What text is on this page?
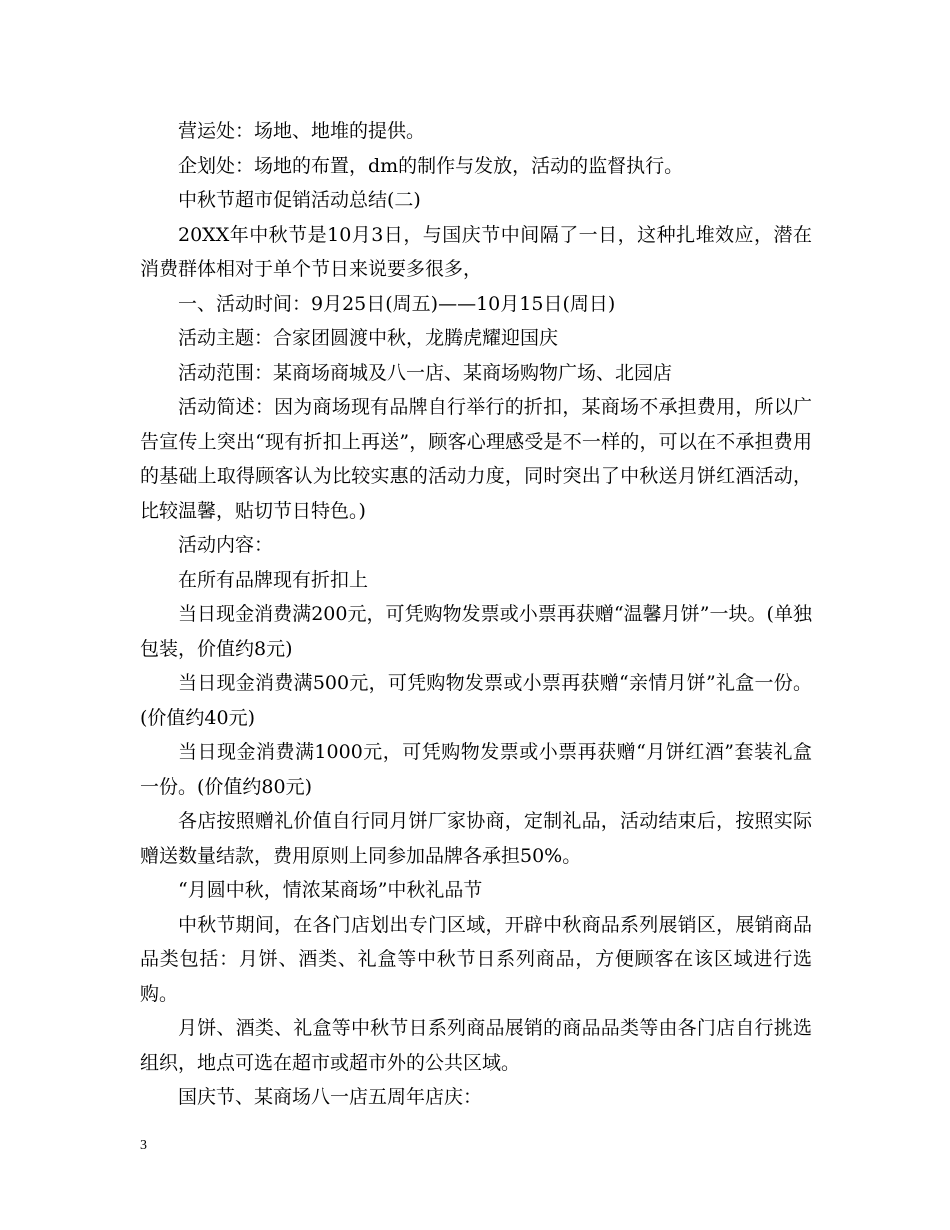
营运处：场地、地堆的提供。

企划处：场地的布置，dm的制作与发放，活动的监督执行。

中秋节超市促销活动总结(二)

20XX年中秋节是10月3日，与国庆节中间隔了一日，这种扎堆效应，潜在消费群体相对于单个节日来说要多很多，

一、活动时间：9月25日(周五)——10月15日(周日)

活动主题：合家团圆渡中秋，龙腾虎耀迎国庆

活动范围：某商场商城及八一店、某商场购物广场、北园店

活动简述：因为商场现有品牌自行举行的折扣，某商场不承担费用，所以广告宣传上突出“现有折扣上再送”，顾客心理感受是不一样的，可以在不承担费用的基础上取得顾客认为比较实惠的活动力度，同时突出了中秋送月饼红酒活动，比较温馨，贴切节日特色。)

活动内容：

在所有品牌现有折扣上

当日现金消费满200元，可凭购物发票或小票再获赠“温馨月饼”一块。(单独包装，价值约8元)

当日现金消费满500元，可凭购物发票或小票再获赠“亲情月饼”礼盒一份。(价值约40元)

当日现金消费满1000元，可凭购物发票或小票再获赠“月饼红酒”套装礼盒一份。(价值约80元)

各店按照赠礼价值自行同月饼厂家协商，定制礼品，活动结束后，按照实际赠送数量结款，费用原则上同参加品牌各承担50%。

“月圆中秋，情浓某商场”中秋礼品节

中秋节期间，在各门店划出专门区域，开辟中秋商品系列展销区，展销商品品类包括：月饼、酒类、礼盒等中秋节日系列商品，方便顾客在该区域进行选购。

月饼、酒类、礼盒等中秋节日系列商品展销的商品品类等由各门店自行挑选组织，地点可选在超市或超市外的公共区域。

国庆节、某商场八一店五周年店庆：

3
